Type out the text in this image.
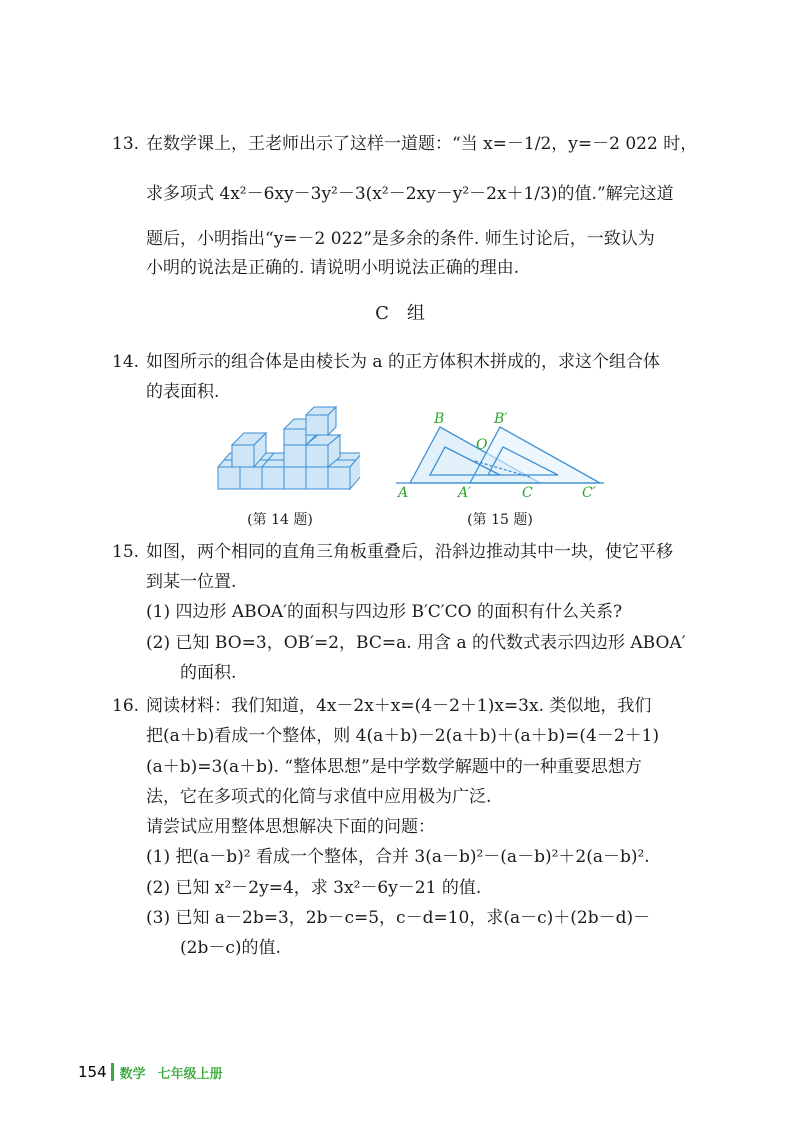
13. 在数学课上，王老师出示了这样一道题：“当 x=－1/2，y=－2 022 时，
求多项式 4x²－6xy－3y²－3(x²－2xy－y²－2x＋1/3)的值.”解完这道
题后，小明指出“y=－2 022”是多余的条件. 师生讨论后，一致认为
小明的说法是正确的. 请说明小明说法正确的理由.
C　组
14. 如图所示的组合体是由棱长为 a 的正方体积木拼成的，求这个组合体
的表面积.
(第 14 题)
B	B′
O
A	A′	C	C′
(第 15 题)
15. 如图，两个相同的直角三角板重叠后，沿斜边推动其中一块，使它平移
到某一位置.
(1) 四边形 ABOA′的面积与四边形 B′C′CO 的面积有什么关系?
(2) 已知 BO=3，OB′=2，BC=a. 用含 a 的代数式表示四边形 ABOA′
的面积.
16. 阅读材料：我们知道，4x－2x＋x=(4－2＋1)x=3x. 类似地，我们
把(a＋b)看成一个整体，则 4(a＋b)－2(a＋b)＋(a＋b)=(4－2＋1)
(a＋b)=3(a＋b). “整体思想”是中学数学解题中的一种重要思想方
法，它在多项式的化简与求值中应用极为广泛.
请尝试应用整体思想解决下面的问题：
(1) 把(a－b)² 看成一个整体，合并 3(a－b)²－(a－b)²＋2(a－b)².
(2) 已知 x²－2y=4，求 3x²－6y－21 的值.
(3) 已知 a－2b=3，2b－c=5，c－d=10，求(a－c)＋(2b－d)－
(2b－c)的值.
154 数学 七年级上册
